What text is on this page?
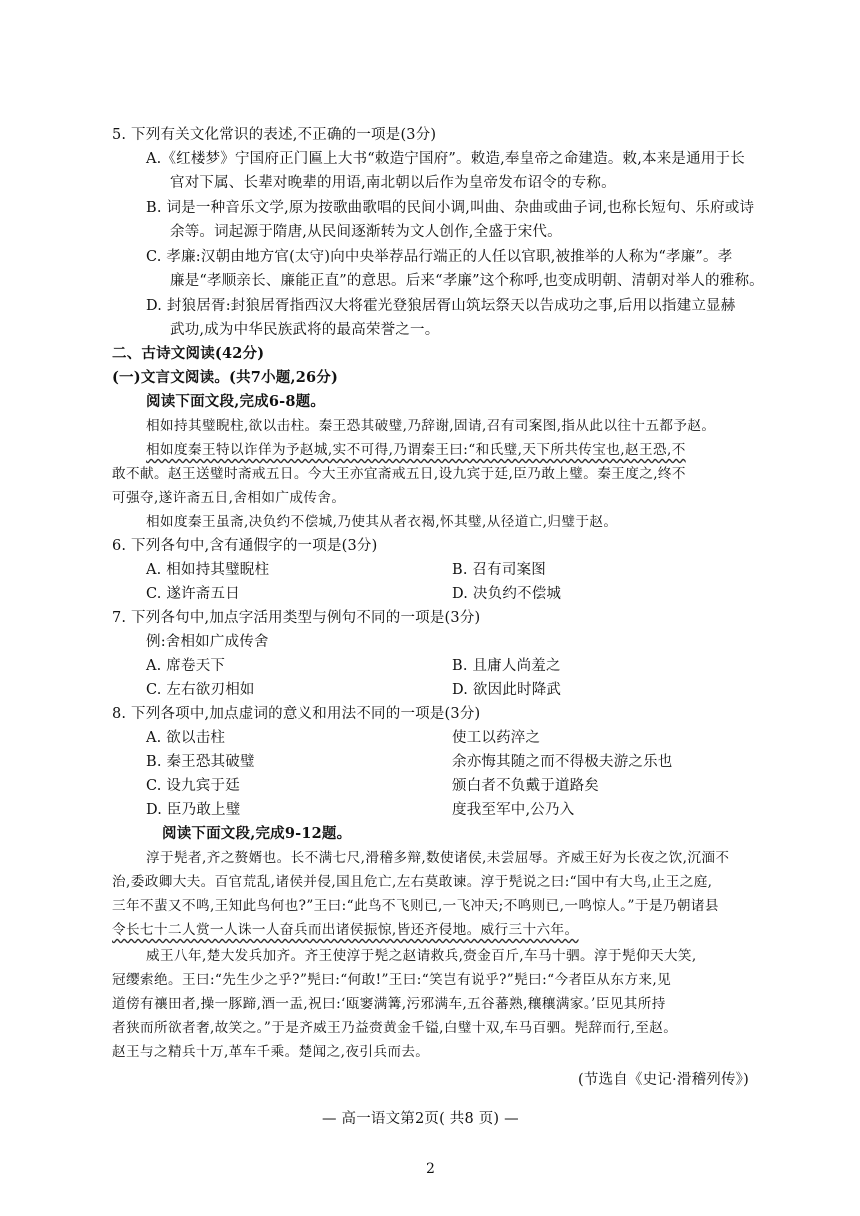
5. 下列有关文化常识的表述,不正确的一项是(3分)
A.《红楼梦》宁国府正门匾上大书“敕造宁国府”。敕造,奉皇帝之命建造。敕,本来是通用于长
官对下属、长辈对晚辈的用语,南北朝以后作为皇帝发布诏令的专称。
B. 词是一种音乐文学,原为按歌曲歌唱的民间小调,叫曲、杂曲或曲子词,也称长短句、乐府或诗
余等。词起源于隋唐,从民间逐渐转为文人创作,全盛于宋代。
C. 孝廉:汉朝由地方官(太守)向中央举荐品行端正的人任以官职,被推举的人称为“孝廉”。孝
廉是“孝顺亲长、廉能正直”的意思。后来“孝廉”这个称呼,也变成明朝、清朝对举人的雅称。
D. 封狼居胥:封狼居胥指西汉大将霍光登狼居胥山筑坛祭天以告成功之事,后用以指建立显赫
武功,成为中华民族武将的最高荣誉之一。
二、古诗文阅读(42分)
(一)文言文阅读。(共7小题,26分)
阅读下面文段,完成6-8题。
相如持其璧睨柱,欲以击柱。秦王恐其破璧,乃辞谢,固请,召有司案图,指从此以往十五都予赵。
相如度秦王特以诈佯为予赵城,实不可得,乃谓秦王曰:“和氏璧,天下所共传宝也,赵王恐,不
敢不献。赵王送璧时斋戒五日。今大王亦宜斋戒五日,设九宾于廷,臣乃敢上璧。秦王度之,终不
可强夺,遂许斋五日,舍相如广成传舍。
相如度秦王虽斋,决负约不偿城,乃使其从者衣褐,怀其璧,从径道亡,归璧于赵。
6. 下列各句中,含有通假字的一项是(3分)
A. 相如持其璧睨柱	B. 召有司案图
C. 遂许斋五日	D. 决负约不偿城
7. 下列各句中,加点字活用类型与例句不同的一项是(3分)
例:舍相如广成传舍
A. 席卷天下	B. 且庸人尚羞之
C. 左右欲刃相如	D. 欲因此时降武
8. 下列各项中,加点虚词的意义和用法不同的一项是(3分)
A. 欲以击柱	使工以药淬之
B. 秦王恐其破璧	余亦悔其随之而不得极夫游之乐也
C. 设九宾于廷	颁白者不负戴于道路矣
D. 臣乃敢上璧	度我至军中,公乃入
阅读下面文段,完成9-12题。
淳于髡者,齐之赘婿也。长不满七尺,滑稽多辩,数使诸侯,未尝屈辱。齐威王好为长夜之饮,沉湎不
治,委政卿大夫。百官荒乱,诸侯并侵,国且危亡,左右莫敢谏。淳于髡说之曰:“国中有大鸟,止王之庭,
三年不蜚又不鸣,王知此鸟何也?”王曰:“此鸟不飞则已,一飞冲天;不鸣则已,一鸣惊人。”于是乃朝诸县
令长七十二人赏一人诛一人奋兵而出诸侯振惊,皆还齐侵地。威行三十六年。
威王八年,楚大发兵加齐。齐王使淳于髡之赵请救兵,赍金百斤,车马十驷。淳于髡仰天大笑,
冠缨索绝。王曰:“先生少之乎?”髡曰:“何敢!”王曰:“笑岂有说乎?”髡曰:“今者臣从东方来,见
道傍有禳田者,操一豚蹄,酒一盂,祝曰:‘瓯窭满篝,污邪满车,五谷蕃熟,穰穰满家。’臣见其所持
者狭而所欲者奢,故笑之。”于是齐威王乃益赍黄金千镒,白璧十双,车马百驷。髡辞而行,至赵。
赵王与之精兵十万,革车千乘。楚闻之,夜引兵而去。
(节选自《史记·滑稽列传》)
— 高一语文第2页( 共8 页) —
2
